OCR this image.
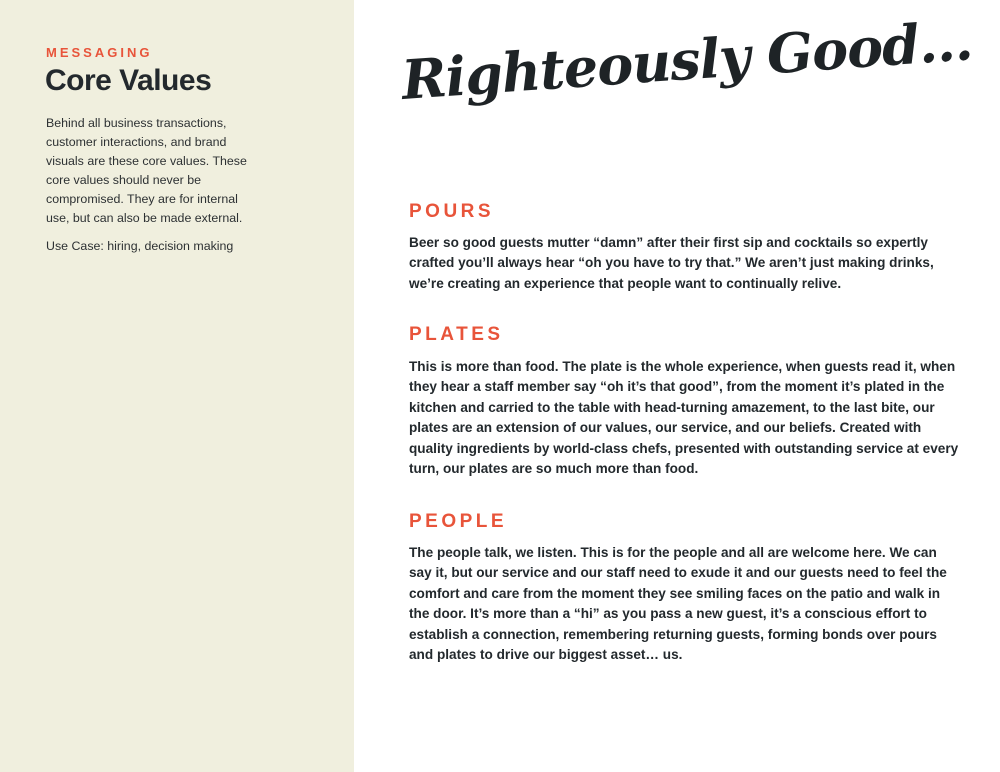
MESSAGING

Core Values

Behind all business transactions, customer interactions, and brand visuals are these core values. These core values should never be compromised. They are for internal use, but can also be made external.

Use Case: hiring, decision making

Righteously Good...
POURS

Beer so good guests mutter “damn” after their first sip and cocktails so expertly crafted you’ll always hear “oh you have to try that.” We aren’t just making drinks, we’re creating an experience that people want to continually relive.

PLATES

This is more than food. The plate is the whole experience, when guests read it, when they hear a staff member say “oh it’s that good”, from the moment it’s plated in the kitchen and carried to the table with head-turning amazement, to the last bite, our plates are an extension of our values, our service, and our beliefs. Created with quality ingredients by world-class chefs, presented with outstanding service at every turn, our plates are so much more than food.

PEOPLE

The people talk, we listen. This is for the people and all are welcome here. We can say it, but our service and our staff need to exude it and our guests need to feel the comfort and care from the moment they see smiling faces on the patio and walk in the door. It’s more than a “hi” as you pass a new guest, it’s a conscious effort to establish a connection, remembering returning guests, forming bonds over pours and plates to drive our biggest asset… us.
